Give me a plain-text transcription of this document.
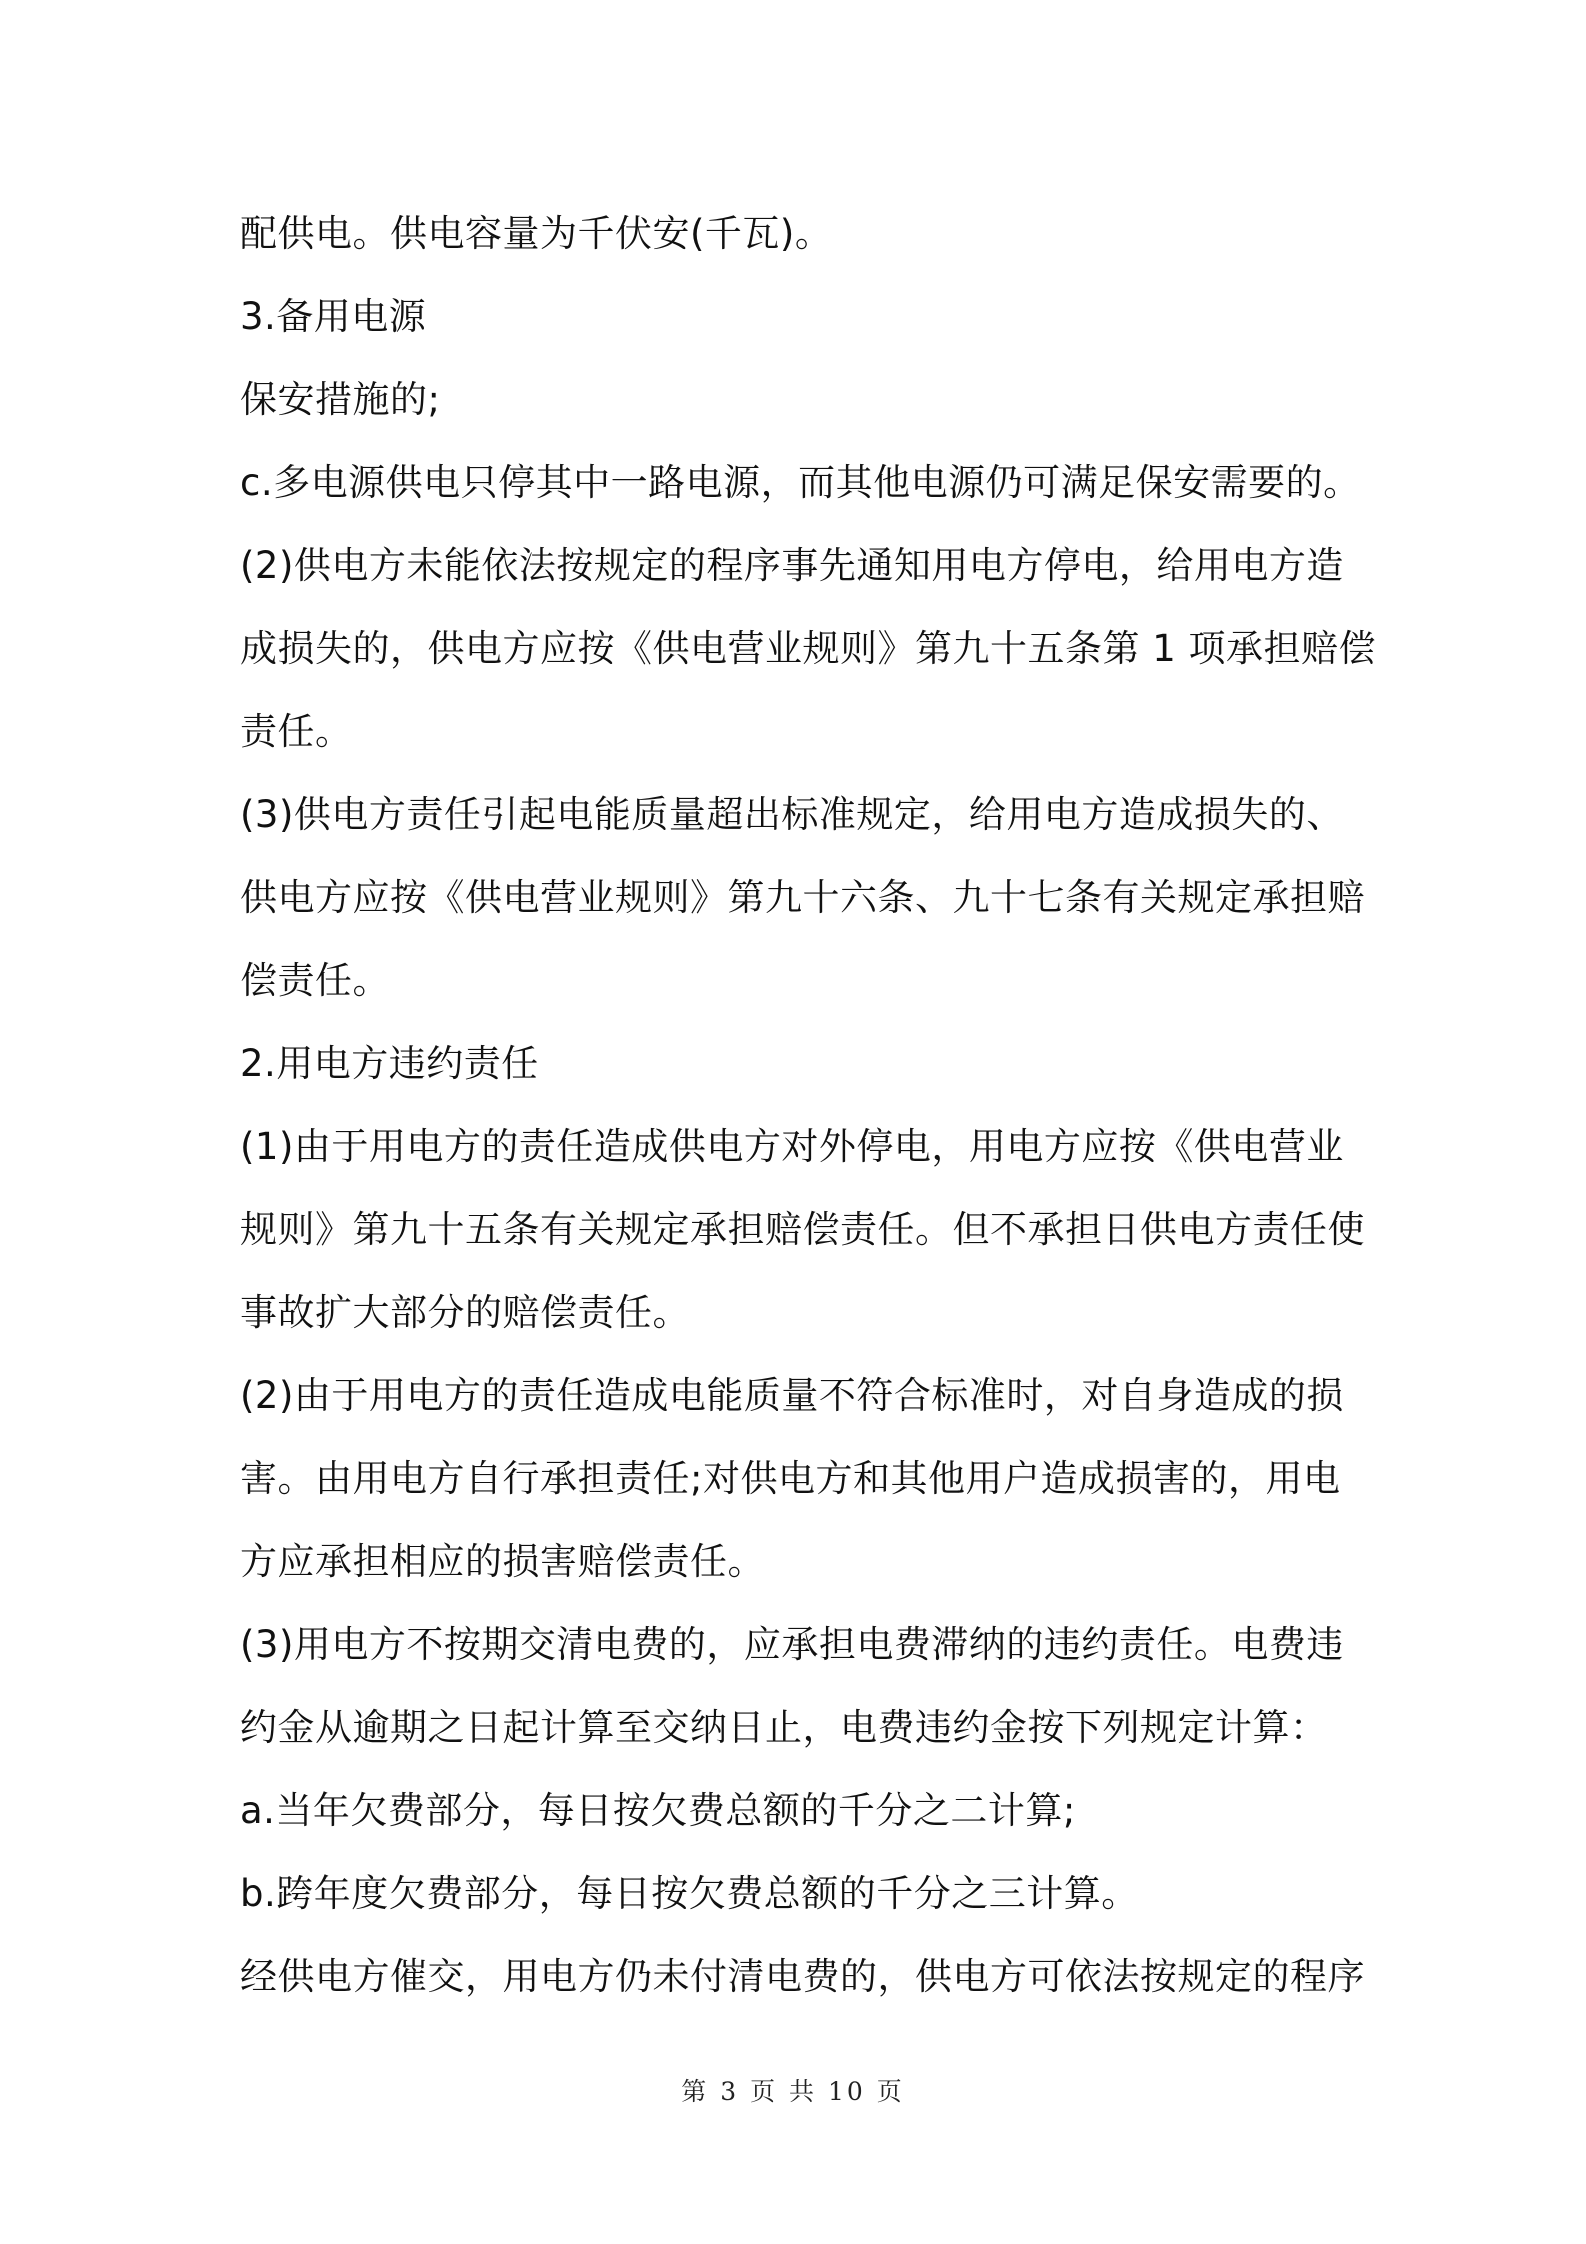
配供电。供电容量为千伏安(千瓦)。
3.备用电源
保安措施的;
c.多电源供电只停其中一路电源，而其他电源仍可满足保安需要的。
(2)供电方未能依法按规定的程序事先通知用电方停电，给用电方造
成损失的，供电方应按《供电营业规则》第九十五条第 1 项承担赔偿
责任。
(3)供电方责任引起电能质量超出标准规定，给用电方造成损失的、
供电方应按《供电营业规则》第九十六条、九十七条有关规定承担赔
偿责任。
2.用电方违约责任
(1)由于用电方的责任造成供电方对外停电，用电方应按《供电营业
规则》第九十五条有关规定承担赔偿责任。但不承担日供电方责任使
事故扩大部分的赔偿责任。
(2)由于用电方的责任造成电能质量不符合标准时，对自身造成的损
害。由用电方自行承担责任;对供电方和其他用户造成损害的，用电
方应承担相应的损害赔偿责任。
(3)用电方不按期交清电费的，应承担电费滞纳的违约责任。电费违
约金从逾期之日起计算至交纳日止，电费违约金按下列规定计算：
a.当年欠费部分，每日按欠费总额的千分之二计算;
b.跨年度欠费部分，每日按欠费总额的千分之三计算。
经供电方催交，用电方仍未付清电费的，供电方可依法按规定的程序
第 3 页 共 10 页
